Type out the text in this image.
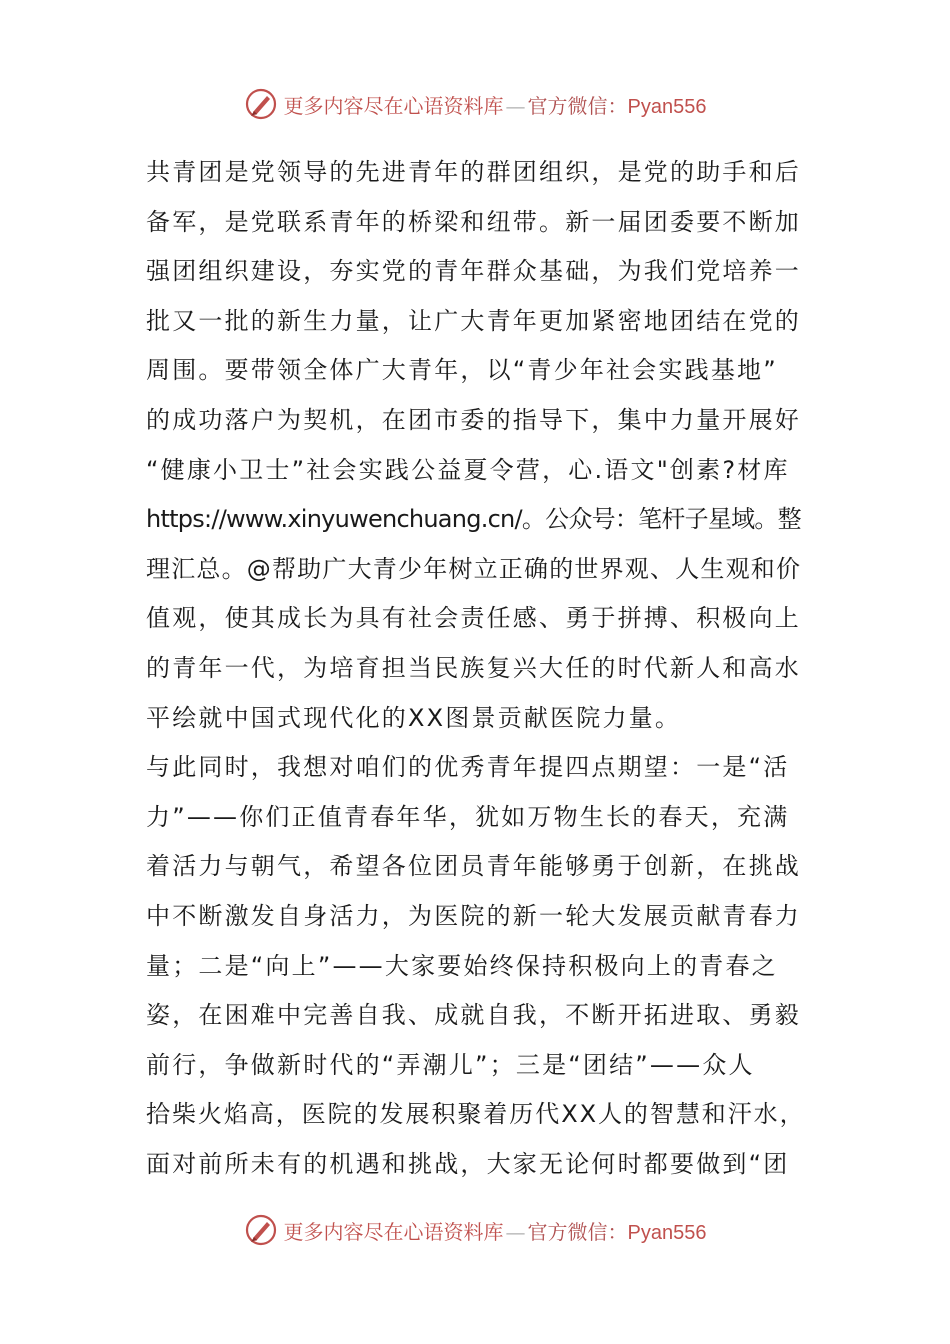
更多内容尽在心语资料库 — 官方微信：Pyan556
共青团是党领导的先进青年的群团组织，是党的助手和后
备军，是党联系青年的桥梁和纽带。新一届团委要不断加
强团组织建设，夯实党的青年群众基础，为我们党培养一
批又一批的新生力量，让广大青年更加紧密地团结在党的
周围。要带领全体广大青年，以“青少年社会实践基地”
的成功落户为契机，在团市委的指导下，集中力量开展好
“健康小卫士”社会实践公益夏令营，心.语文"创素?材库
https://www.xinyuwenchuang.cn/。公众号：笔杆子星域。整
理汇总。@帮助广大青少年树立正确的世界观、人生观和价
值观，使其成长为具有社会责任感、勇于拼搏、积极向上
的青年一代，为培育担当民族复兴大任的时代新人和高水
平绘就中国式现代化的XX图景贡献医院力量。
与此同时，我想对咱们的优秀青年提四点期望：一是“活
力”——你们正值青春年华，犹如万物生长的春天，充满
着活力与朝气，希望各位团员青年能够勇于创新，在挑战
中不断激发自身活力，为医院的新一轮大发展贡献青春力
量；二是“向上”——大家要始终保持积极向上的青春之
姿，在困难中完善自我、成就自我，不断开拓进取、勇毅
前行，争做新时代的“弄潮儿”；三是“团结”——众人
拾柴火焰高，医院的发展积聚着历代XX人的智慧和汗水，
面对前所未有的机遇和挑战，大家无论何时都要做到“团
更多内容尽在心语资料库 — 官方微信：Pyan556
